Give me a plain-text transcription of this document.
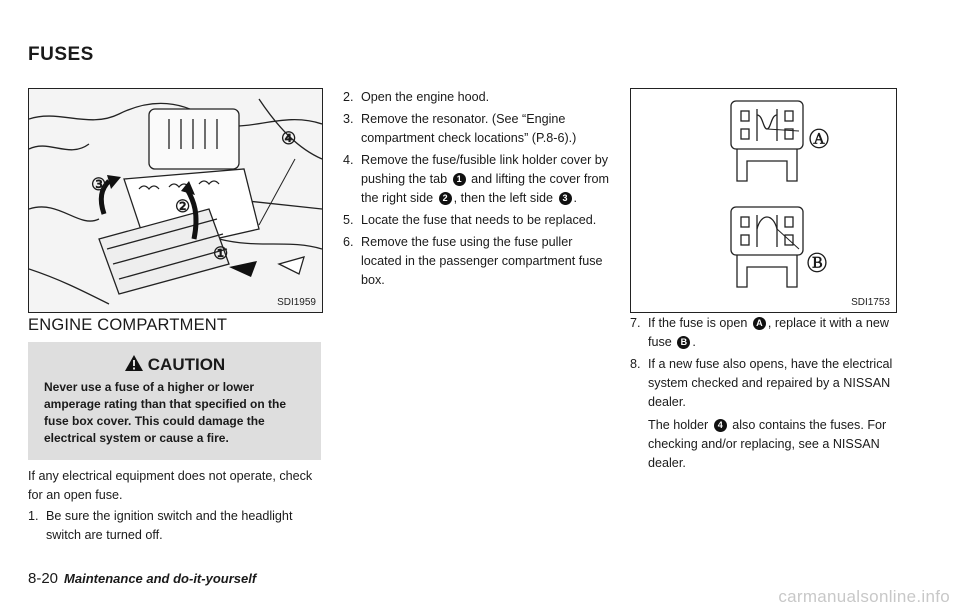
FUSES
①
②
③
④
SDI1959
ENGINE COMPARTMENT
CAUTION
Never use a fuse of a higher or lower amperage rating than that specified on the fuse box cover. This could damage the electrical system or cause a fire.
If any electrical equipment does not operate, check for an open fuse.
1. Be sure the ignition switch and the headlight switch are turned off.
2. Open the engine hood.
3. Remove the resonator. (See “Engine compartment check locations” (P.8-6).)
4. Remove the fuse/fusible link holder cover by pushing the tab 1 and lifting the cover from the right side 2 , then the left side 3 .
5. Locate the fuse that needs to be replaced.
6. Remove the fuse using the fuse puller located in the passenger compartment fuse box.
Ⓐ
Ⓑ
SDI1753
7. If the fuse is open A , replace it with a new fuse B .
8. If a new fuse also opens, have the electrical system checked and repaired by a NISSAN dealer.
The holder 4 also contains the fuses. For checking and/or replacing, see a NISSAN dealer.
8-20 Maintenance and do-it-yourself
carmanualsonline.info
